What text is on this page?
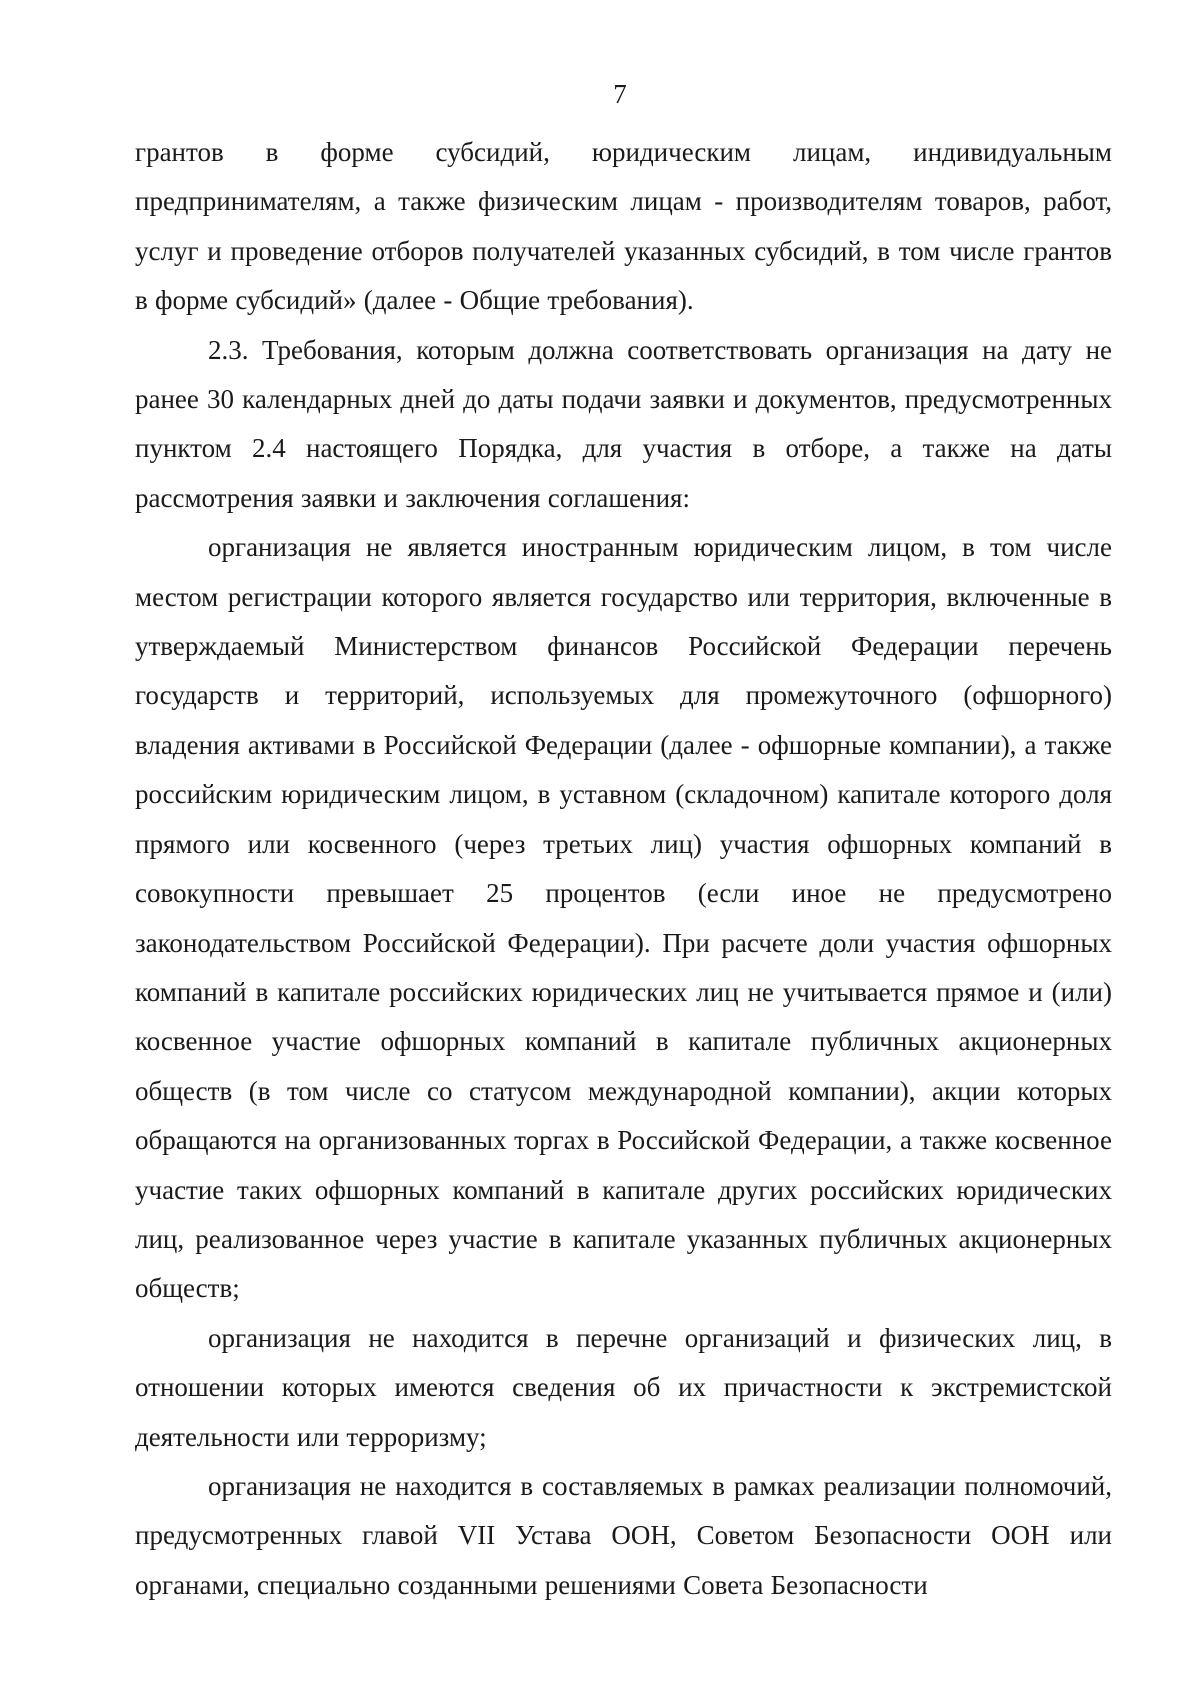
7

грантов в форме субсидий, юридическим лицам, индивидуальным предпринимателям, а также физическим лицам - производителям товаров, работ, услуг и проведение отборов получателей указанных субсидий, в том числе грантов в форме субсидий» (далее - Общие требования).

2.3. Требования, которым должна соответствовать организация на дату не ранее 30 календарных дней до даты подачи заявки и документов, предусмотренных пунктом 2.4 настоящего Порядка, для участия в отборе, а также на даты рассмотрения заявки и заключения соглашения:

организация не является иностранным юридическим лицом, в том числе местом регистрации которого является государство или территория, включенные в утверждаемый Министерством финансов Российской Федерации перечень государств и территорий, используемых для промежуточного (офшорного) владения активами в Российской Федерации (далее - офшорные компании), а также российским юридическим лицом, в уставном (складочном) капитале которого доля прямого или косвенного (через третьих лиц) участия офшорных компаний в совокупности превышает 25 процентов (если иное не предусмотрено законодательством Российской Федерации). При расчете доли участия офшорных компаний в капитале российских юридических лиц не учитывается прямое и (или) косвенное участие офшорных компаний в капитале публичных акционерных обществ (в том числе со статусом международной компании), акции которых обращаются на организованных торгах в Российской Федерации, а также косвенное участие таких офшорных компаний в капитале других российских юридических лиц, реализованное через участие в капитале указанных публичных акционерных обществ;

организация не находится в перечне организаций и физических лиц, в отношении которых имеются сведения об их причастности к экстремистской деятельности или терроризму;

организация не находится в составляемых в рамках реализации полномочий, предусмотренных главой VII Устава ООН, Советом Безопасности ООН или органами, специально созданными решениями Совета Безопасности
